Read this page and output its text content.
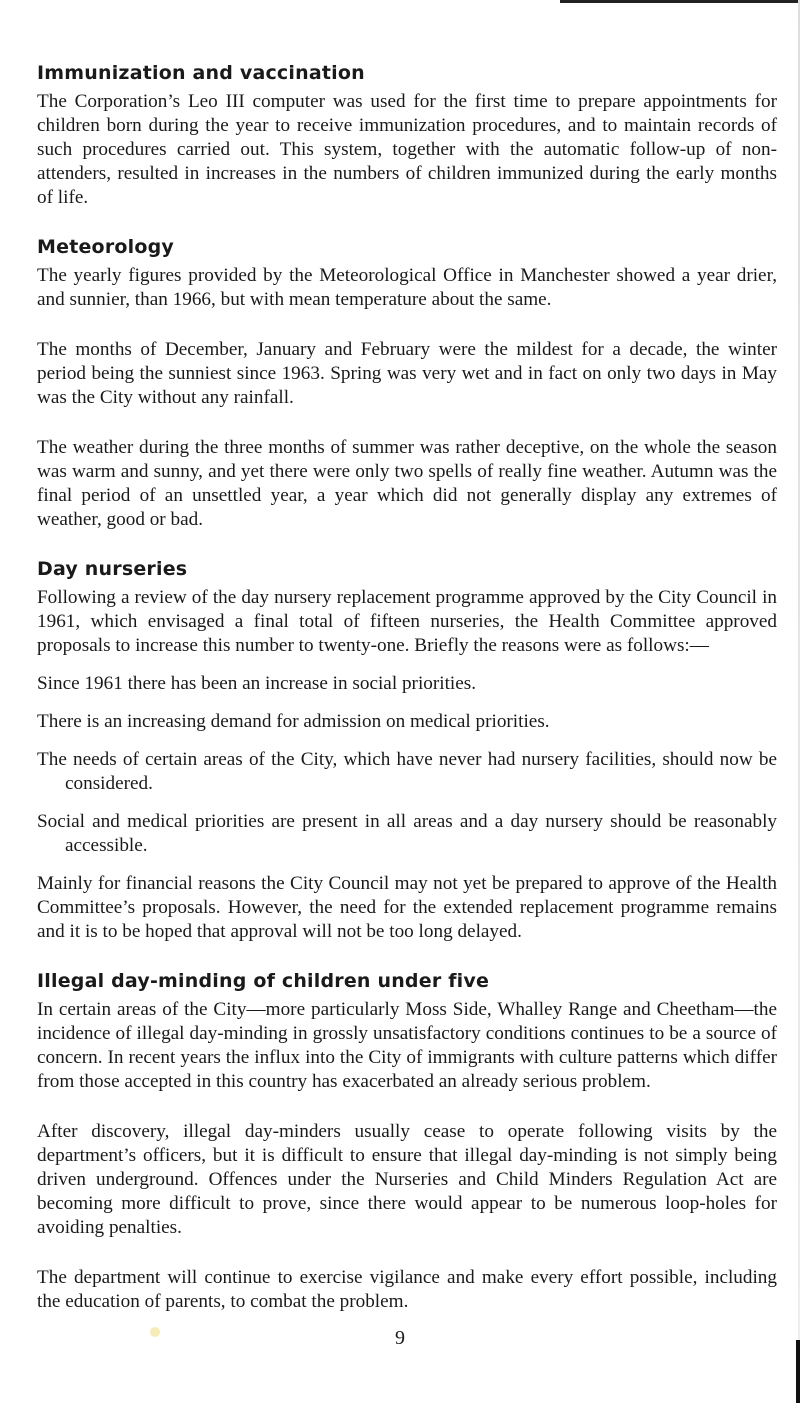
Immunization and vaccination

The Corporation’s Leo III computer was used for the first time to prepare appointments for children born during the year to receive immunization procedures, and to maintain records of such procedures carried out. This system, together with the automatic follow-up of non-attenders, resulted in increases in the numbers of children immunized during the early months of life.

Meteorology

The yearly figures provided by the Meteorological Office in Manchester showed a year drier, and sunnier, than 1966, but with mean temperature about the same.

The months of December, January and February were the mildest for a decade, the winter period being the sunniest since 1963. Spring was very wet and in fact on only two days in May was the City without any rainfall.

The weather during the three months of summer was rather deceptive, on the whole the season was warm and sunny, and yet there were only two spells of really fine weather. Autumn was the final period of an unsettled year, a year which did not generally display any extremes of weather, good or bad.

Day nurseries

Following a review of the day nursery replacement programme approved by the City Council in 1961, which envisaged a final total of fifteen nurseries, the Health Committee approved proposals to increase this number to twenty-one. Briefly the reasons were as follows:—

Since 1961 there has been an increase in social priorities.

There is an increasing demand for admission on medical priorities.

The needs of certain areas of the City, which have never had nursery facilities, should now be considered.

Social and medical priorities are present in all areas and a day nursery should be reasonably accessible.

Mainly for financial reasons the City Council may not yet be prepared to approve of the Health Committee’s proposals. However, the need for the extended replacement programme remains and it is to be hoped that approval will not be too long delayed.

Illegal day-minding of children under five

In certain areas of the City—more particularly Moss Side, Whalley Range and Cheetham—the incidence of illegal day-minding in grossly unsatisfactory conditions continues to be a source of concern. In recent years the influx into the City of immigrants with culture patterns which differ from those accepted in this country has exacerbated an already serious problem.

After discovery, illegal day-minders usually cease to operate following visits by the department’s officers, but it is difficult to ensure that illegal day-minding is not simply being driven underground. Offences under the Nurseries and Child Minders Regulation Act are becoming more difficult to prove, since there would appear to be numerous loop-holes for avoiding penalties.

The department will continue to exercise vigilance and make every effort possible, including the education of parents, to combat the problem.

9
